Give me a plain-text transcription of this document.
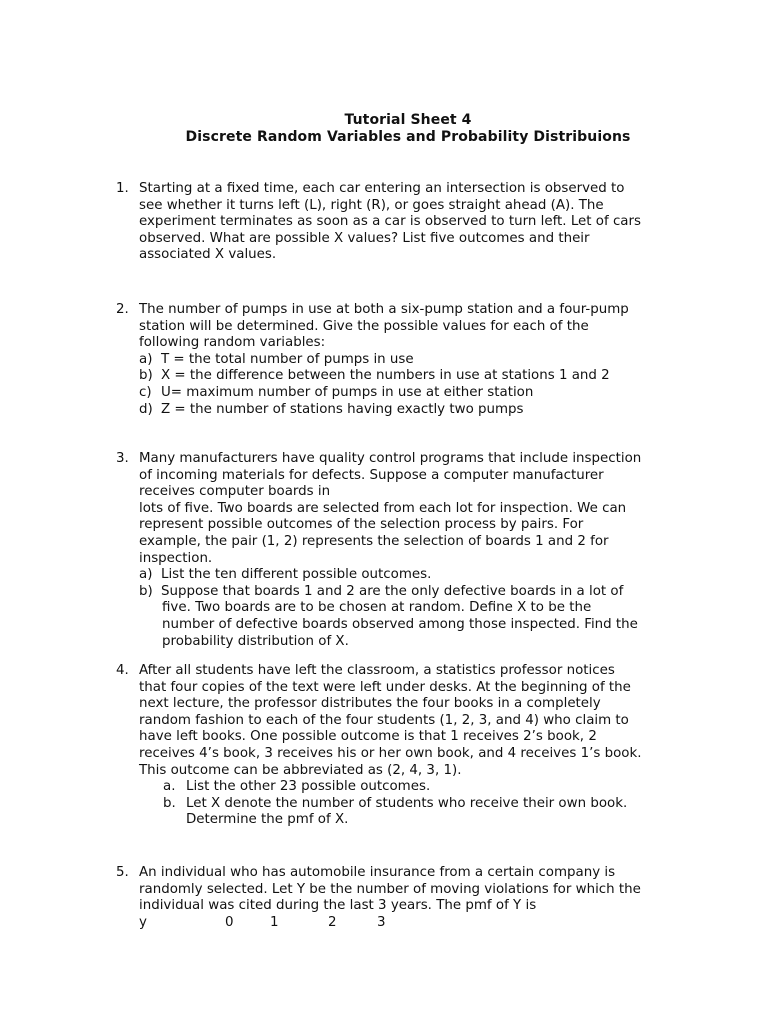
Tutorial Sheet 4
Discrete Random Variables and Probability Distribuions
1. Starting at a fixed time, each car entering an intersection is observed to
see whether it turns left (L), right (R), or goes straight ahead (A). The
experiment terminates as soon as a car is observed to turn left. Let of cars
observed. What are possible X values? List five outcomes and their
associated X values.
2. The number of pumps in use at both a six-pump station and a four-pump
station will be determined. Give the possible values for each of the
following random variables:
a) T = the total number of pumps in use
b) X = the difference between the numbers in use at stations 1 and 2
c) U= maximum number of pumps in use at either station
d) Z = the number of stations having exactly two pumps
3. Many manufacturers have quality control programs that include inspection
of incoming materials for defects. Suppose a computer manufacturer
receives computer boards in
lots of five. Two boards are selected from each lot for inspection. We can
represent possible outcomes of the selection process by pairs. For
example, the pair (1, 2) represents the selection of boards 1 and 2 for
inspection.
a) List the ten different possible outcomes.
b) Suppose that boards 1 and 2 are the only defective boards in a lot of
five. Two boards are to be chosen at random. Define X to be the
number of defective boards observed among those inspected. Find the
probability distribution of X.
4. After all students have left the classroom, a statistics professor notices
that four copies of the text were left under desks. At the beginning of the
next lecture, the professor distributes the four books in a completely
random fashion to each of the four students (1, 2, 3, and 4) who claim to
have left books. One possible outcome is that 1 receives 2’s book, 2
receives 4’s book, 3 receives his or her own book, and 4 receives 1’s book.
This outcome can be abbreviated as (2, 4, 3, 1).
a. List the other 23 possible outcomes.
b. Let X denote the number of students who receive their own book.
Determine the pmf of X.
5. An individual who has automobile insurance from a certain company is
randomly selected. Let Y be the number of moving violations for which the
individual was cited during the last 3 years. The pmf of Y is
y	0	1	2	3
